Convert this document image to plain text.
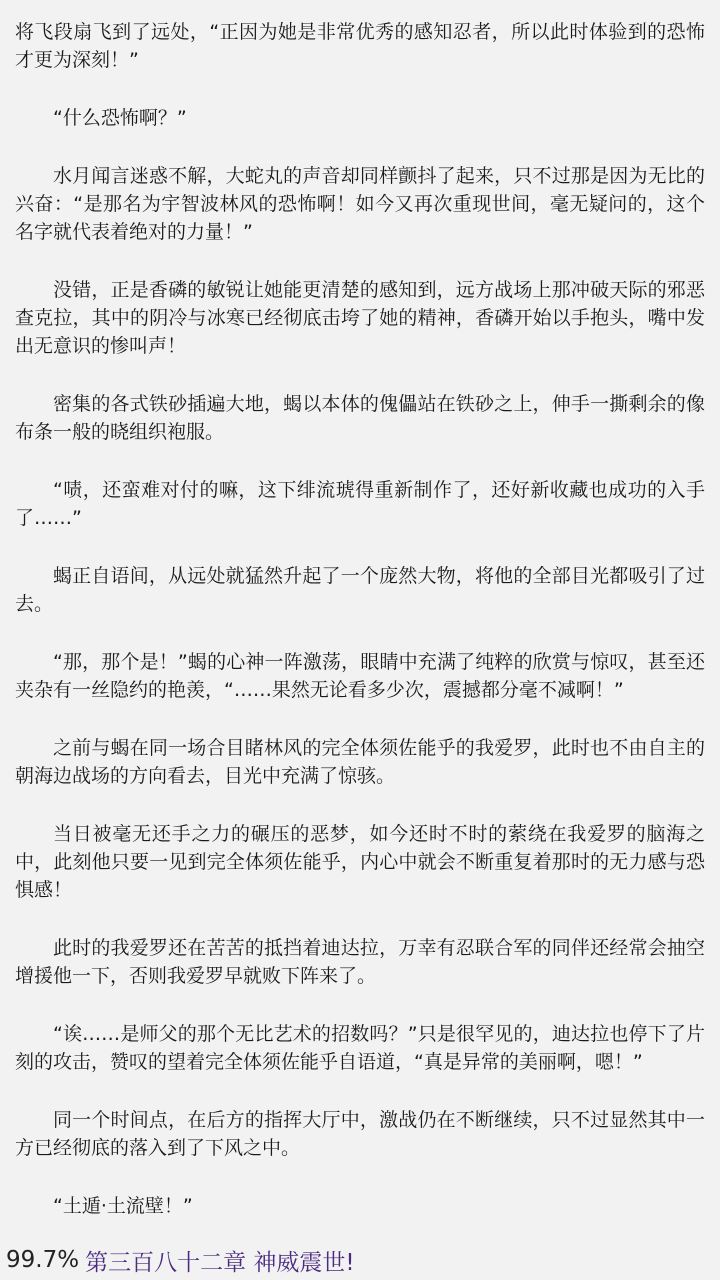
将飞段扇飞到了远处，“正因为她是非常优秀的感知忍者，所以此时体验到的恐怖才更为深刻！”

“什么恐怖啊？”

水月闻言迷惑不解，大蛇丸的声音却同样颤抖了起来，只不过那是因为无比的兴奋：“是那名为宇智波林风的恐怖啊！如今又再次重现世间，毫无疑问的，这个名字就代表着绝对的力量！”

没错，正是香磷的敏锐让她能更清楚的感知到，远方战场上那冲破天际的邪恶查克拉，其中的阴冷与冰寒已经彻底击垮了她的精神，香磷开始以手抱头，嘴中发出无意识的惨叫声！

密集的各式铁砂插遍大地，蝎以本体的傀儡站在铁砂之上，伸手一撕剩余的像布条一般的晓组织袍服。

“啧，还蛮难对付的嘛，这下绯流琥得重新制作了，还好新收藏也成功的入手了……”

蝎正自语间，从远处就猛然升起了一个庞然大物，将他的全部目光都吸引了过去。

“那，那个是！”蝎的心神一阵激荡，眼睛中充满了纯粹的欣赏与惊叹，甚至还夹杂有一丝隐约的艳羡，“……果然无论看多少次，震撼都分毫不减啊！”

之前与蝎在同一场合目睹林风的完全体须佐能乎的我爱罗，此时也不由自主的朝海边战场的方向看去，目光中充满了惊骇。

当日被毫无还手之力的碾压的恶梦，如今还时不时的萦绕在我爱罗的脑海之中，此刻他只要一见到完全体须佐能乎，内心中就会不断重复着那时的无力感与恐惧感！

此时的我爱罗还在苦苦的抵挡着迪达拉，万幸有忍联合军的同伴还经常会抽空增援他一下，否则我爱罗早就败下阵来了。

“诶……是师父的那个无比艺术的招数吗？”只是很罕见的，迪达拉也停下了片刻的攻击，赞叹的望着完全体须佐能乎自语道，“真是异常的美丽啊，嗯！”

同一个时间点，在后方的指挥大厅中，激战仍在不断继续，只不过显然其中一方已经彻底的落入到了下风之中。

“土遁·土流壁！”

99.7% 第三百八十二章 神威震世!
